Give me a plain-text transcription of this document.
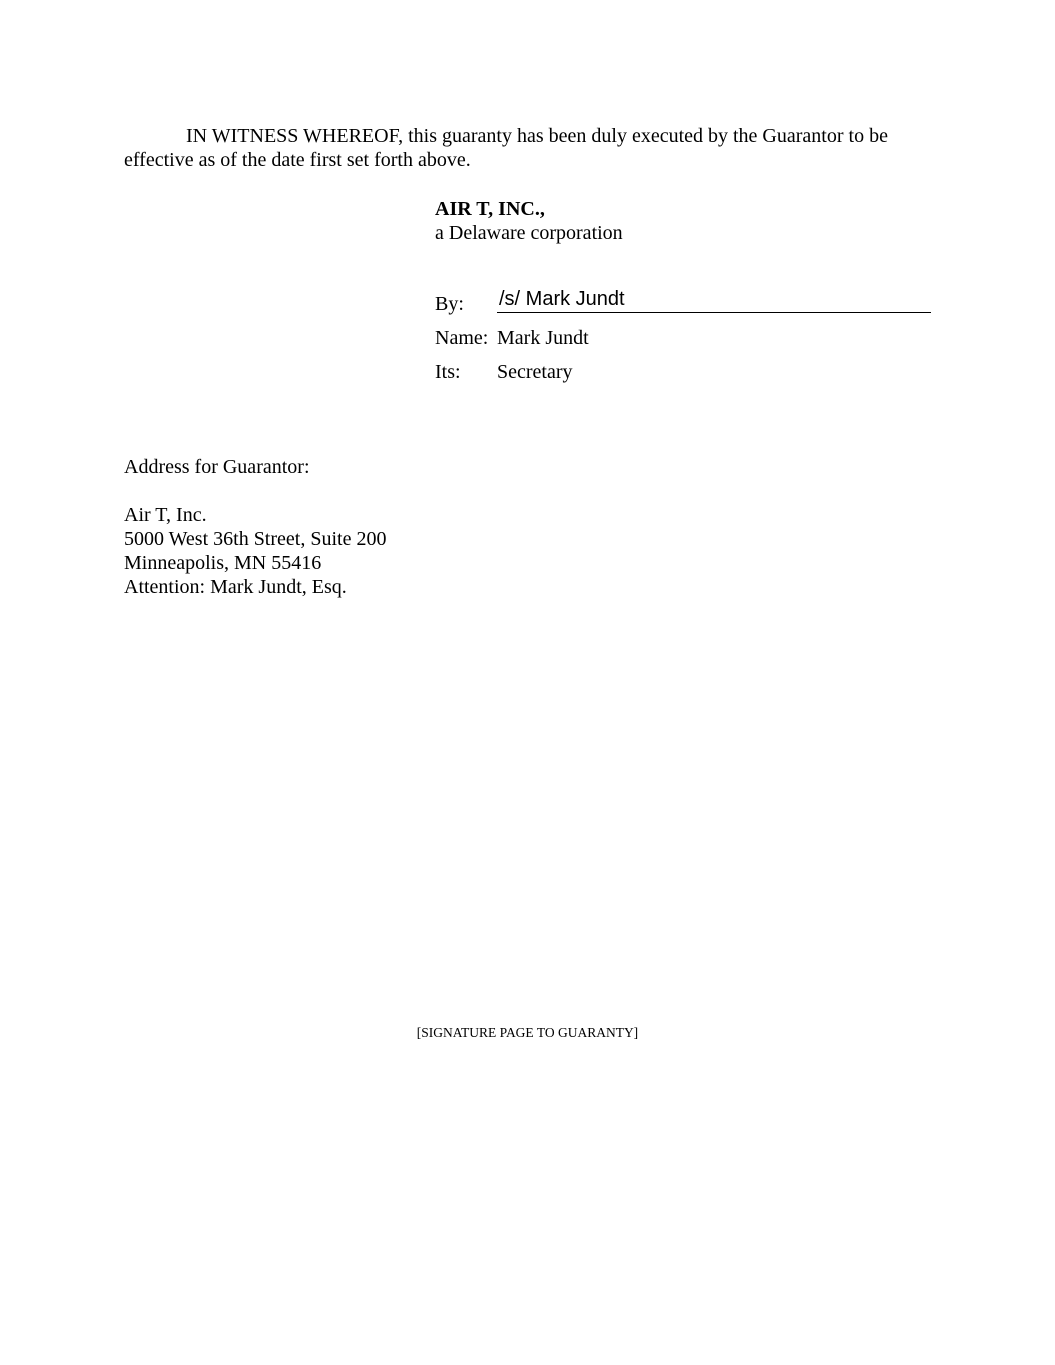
IN WITNESS WHEREOF, this guaranty has been duly executed by the Guarantor to be
effective as of the date first set forth above.
AIR T, INC.,
a Delaware corporation
By: /s/ Mark Jundt
Name: Mark Jundt
Its: Secretary
Address for Guarantor:
Air T, Inc.
5000 West 36th Street, Suite 200
Minneapolis, MN 55416
Attention: Mark Jundt, Esq.
[SIGNATURE PAGE TO GUARANTY]
